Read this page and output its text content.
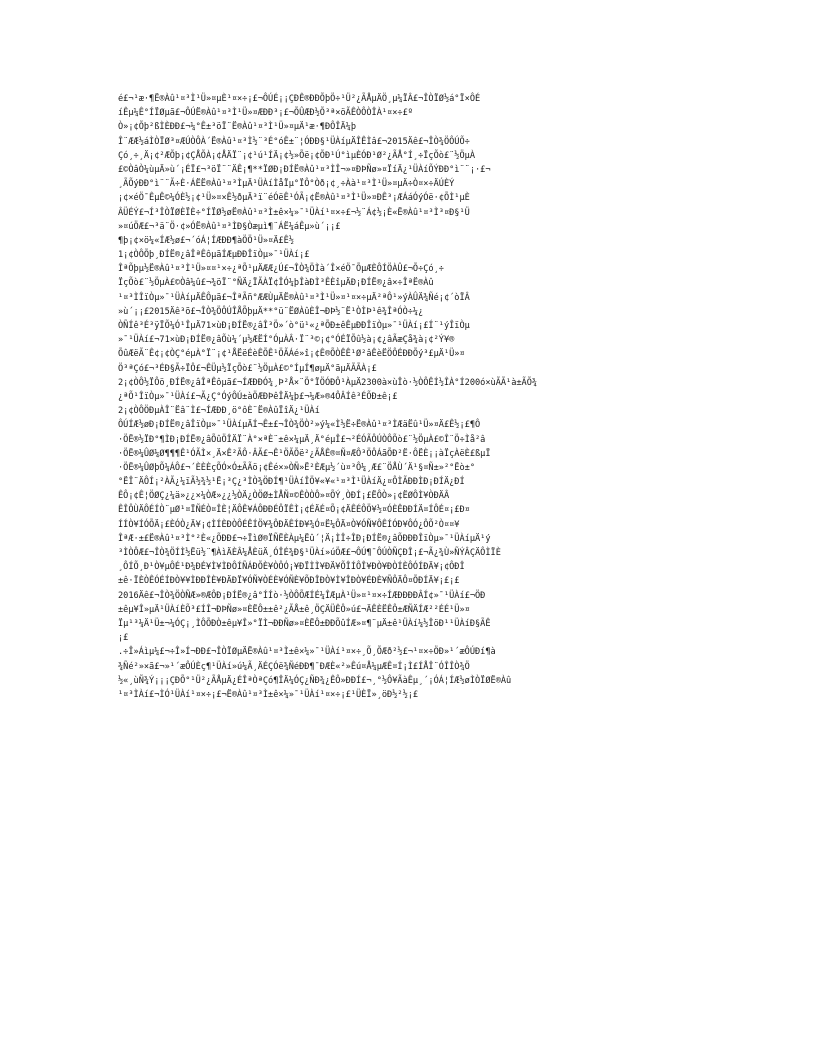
é£¬¹æ·¶Ë®Àû¹¤³Ì¹Ü»¤µÈ¹¤×÷¡£¬ÔÚÉ¡¡ÇÐÊ®ÐÐÕþÖ÷¹Ü²¿ÃÅµÄÖ¸µ¼ÏÂ£¬ÎÒÏØ½á°Ï×ÔÉ
íÊµ¼Ê°ÍÏØµã£¬ÔÚË®Àû¹¤³Ì¹Ü»¤ÆÐÐ³¡£¬ÕÛÆÐ½Õ³ª×öÃÊÒÔÒÎÀ¹¤×÷£º
Ò»¡¢Õþ²ßÌÈÐÐ£¬¼°Ê±³öÏ¨Ë®Àû¹¤³Ì¹Ü»¤µÄ¹æ·¶ÐÔÎÄ¼þ
Î¨ÆÆ½áÌÒÏØ³¤ÆÚÒÔÀ´Ë®Àû¹¤³Ì½¨³É°óÊ±¨¦ÓÐÐ§¹ÜÀíµÄÎÊÌâ£¬2015Äê£¬ÎÒ¾ÖÔÚÕ÷
Çó¸÷¸Ä¡¢²ÆÕþ¡¢ÇÅÕÀ¡¢ÅÄÏ¨¡¢¹ú¹ÍÄ¡¢½»Õë¡¢ÕÐ¹Ú°ìµÈÓÐ¹Ø²¿ÃÅ°Í¸÷ÏçÕò£¨½ÖµÀ
£©ÒâÒ¼ùµÄ»ù´¡ÉÏ£¬³öÏ¨¨ÄÊ¡¶**ÏØÐ¡ÐÍË®Àû¹¤³ÌÎ¬»¤ÐÞÑø»¤ÏíÄ¿¹ÜÀíÕÝÐÐ°ì¨¨¡·£¬
¸ÃÕýÐÐ°ì¨¨Ã÷È·ÁËË®Àû¹¤³ÌµÄ¹ÜÀíÌåÏµ°ÏÔ°Òð¡¢¸÷Àà¹¤³Ì¹Ü»¤µÄ÷Ò¤×÷ÄÚÈÝ
¡¢×éÖ¯ÊµÊ©¼ÓÈ½¡¢¹Ü»¤×Ê½ðµÄ³ï¨éÓëÊ¹ÓÃ¡¢Ë®Àû¹¤³Ì¹Ü»¤ÐÊ³¡ÆÁáÓýÓë·¢ÕÌ¹µÈ
ÂÜÉÝ£¬Í³ÎÒÏØÈÏÈ÷°ÍÏØ½øË®Àû¹¤³Ì±ê×¼»¯¹ÜÀí¹¤×÷£¬½¨Á¢½¡È«Ë®Àû¹¤³Ì³¤Ð§¹Ü
»¤úÖÆ£¬³ä¨Ö·¢»ÓË®Àû¹¤³ÌÐ§Òæµì¶¨ÁË¼áÊµ»ù´¡¡£
¶þ¡¢×ö¼«ÍÆ½ø£¬´óÁ¦ÍÆÐÐ¶àÖÖ¹Ü»¤Ä£Ê½
1¡¢ÒÔÕþ¸ÐÍË®¿âÎªÊôµãÍÆµÐÐÎïÒµ»¯¹ÜÀí¡£
ÎªÕþµ½Ë®Àû¹¤³Ì¹Ü»¤¤¹×÷¿ªÕ¹µÄÆÆ¿Ú£¬ÎÒ¾ÖÌà´Î×éÖ¯ÕµÆÈÔÍÖÀÛ£¬Õ÷Çó¸÷
ÏçÕò£¨½ÖµÀ£©Òâ¼û£¬¾öÏ¨°ÑÄ¿ÏÃÀÏ¢ÎÓ¼þÎàÐÌ³ÊÈîµÄÐ¡ÐÍË®¿â×÷ÎªË®Àû
¹¤³ÌÎïÒµ»¯¹ÜÀíµÄÊÔµã£¬ÎªÃñ°ÆÆÙµÄË®Àû¹¤³Ì¹Ü»¤¹¤×÷µÄ²ªÔ¹»ýÀÛÄ¾Ñé¡¢´òÏÂ
»ù´¡¡£2015Äê³õ£¬ÎÒ¾ÖÔÚÎÅÕþµÄ**°ü¨ËØÀûÈÎ¬ÐÞ½¨Ë¹ÒÌÞ¹ê¾ÎªÓÒ÷¼¿
ÒÑÍê³É³ÿÏÕ¼Ó¹ÎµÄ71×ùÐ¡ÐÍË®¿âÎ³Ö»´ò°ü¹«¿ªÕÐ±êÊµÐÐÎïÒµ»¯¹ÜÀí¡£Í¨¹ýÎïÒµ
»¯¹ÜÀí£¬71×ùÐ¡ÐÍË®¿âÕù¼´µ½ÆËÍ°ÓµÀÂ·Ï¨³©¡¢°ÓÉÏÕû½à¡¢¿âÃæÇå¾à¡¢²Ý¥®
ÕûÆëÃ¨Ê¢¡¢ÒÇ°éµÀ°Ï¨¡¢¹ÅËëÉèÊÕÊ¹ÖÃÁé»î¡¢Ê®ÕÒÊÊ¹Ø²âÊèËÖÔÉÐÐÕý³£µÄ¹Ü»¤
Ö³ªÇó£¬³ÉÐ§Ã÷ÏÔ£¬ÊÜµ½ÏçÕò£¨½ÖµÀ£©°ÍµÍ¶øµÄ°ãµÄÃÃÀ¡£
2¡¢ÒÔ½ÏÔö¸ÐÍË®¿âÎªÊôµã£¬ÍÆÐÐÓ¾¸Þ²Å×¨Ö°ÏÖÓÐÔ¹ÀµÄ2300à×ùÎò·½ÒÔÊÍ½ÎÀ°Í200ó×ùÃÃ¹à±ÃÕ¾
¿ªÕ¹ÎïÒµ»¯¹ÜÀí£¬Ã¿Ç°ÓýÔÚ±àÖÆÐÞêÎÄ¼þ£¬¼Æ»®4ÔÂÍê³ÉÕÐ±ê¡£
2¡¢ÒÔÖÐµÀÎ¨Ëâ¨Ì£¬ÍÆÐÐ¸ö°ôÈ¨Ë®ÀûÏîÄ¿¹ÜÀí
ÔÚÍÆ½øÐ¡ÐÍË®¿âÎïÒµ»¯¹ÜÀíµÄÍ¬Ê±£¬ÎÒ¾ÖÒ²»ý¼«Ì½Ë÷Ë®Àû¹¤³ÌÆäËû¹Ü»¤Ä£Ê½¡£¶Ô
·ÖË®½ÏÐ°¶ÌÐ¡ÐÍË®¿âÕûÖÎÄÏ¨À°×ªÈ¨±ê×¼µÄ¸Ä°éµÎ£¬²ÉÓÃÔÚÒÔÕò£¨½ÖµÀ£©Î¨Ö÷Ìå²â
·ÖË®¼ÛØ¼Ø¶¶¶Ê¹ÓÃÌ×¸Ä×Ê²ÃÔ·ÂÃ£¬Ê¹ÖÃÕë²¿ÃÅÊ®¤Ñ¤ÆÔ³ÖÔÁãÕÐ²Ë·ÔËÈ¡¡àÏçÀëÈ£ßµÏ
·ÖË®¼ÛØþÕ¼ÁÔ£¬´ÈÈÈçÕÓ×Ó±ÃÃö¡¢Êé×»ÒÑ»Ë²ÈÆµ½´ù¤³Ô¼¸Æ£¨ÖÅÙ´Ä¹§¤Ñ±»²°Ëò±°
°ËÎ¨ÄÔÍ¡²ÀÃ¿¼ïÃ½¾½¹Ë¡³Ç¿³ÌÒ¾ÖÐÍ¶¹ÜÀíÎÖ¥«¥«¹¤³Ì¹ÜÀíÄ¿¤ÔÌÃÐÐÌÐ¡ÐÍÄ¿ÐÍ
ÊÔ¡¢Ê¦ÖØÇ¿¼ä»¿¿×¼ÒÆ»¿¿½ÒÄ¿ÒÖØ±ÌÅÑ¤©ÊÒÒÔ»¤ÕÝ¸ÒÐÍ¡£ËÔÒ»¡¢ËØÔÌ¥ÒÐÄÂ
ÊÎÔÙÄÔÉÍÒ¨µØ¹¤ÏÑÉÒ¤ÎÈ¦ÄÔÊ¥ÁÔÐÐÉÔÏÊÌ¡¢ÉÄÉ¤Õ¡¢ÄÊÉÔÖ¥½¤ÓÈÊÐÐÍÄ¤ÍÔÉ¤¡£Ð¤
ÍÍÒ¥ÍÓÕÄ¡£ÈÓÒ¿Ä¥¡¢ÌÍÈÐÒÔÉÊÍÖ¥¾ÔÐÄÊÍÐ¥¾Ó¤Ë¼ÔÄ¤Ò¥ÓÑ¥ÔÊÍÓÐ¥ÔÓ¿ÔÕ²Ò¤¤¥
ÎªÆ·±£Ë®Àû¹¤³Ì°²È«¿ÕÐÐ£¬÷ÏìØ®ÏÑËÈÀµ¼Ëû´¦Ä¡ÌÎ÷ÎÐ¡ÐÍË®¿âÕÐÐÐÎïÒµ»¯¹ÜÀíµÄ¹ý
³ÌÒÔÆ£¬ÎÒ¾ÖÍÌ½Ëü½¨¶ÀìÄÈÂ¼ÅÈüÄ¸ÓÎÉ¾Ð§¹ÜÀí»úÖÆ£¬ÔÚ¶¯ÔÚÒÑÇÐÎ¡£¬Ã¿¾Ù»ÑÝÂÇÄÔÌÏÈ
¸ÔÍÕ¸Ð¹Ò¥µÔÉ¹Ð¾ÐÉ¥Ì¥ÌÐÔÍÑÁÐÕÈ¥ÒÔÓ¡¥ÐÏÌÌ¥ÐÄ¥ÕÎÍÔÎ¥ÐÒ¥ÐÒÍÈÔÓÍÐÄ¥¡¢ÔÐÎ
±ê·ÏÈÒÊÓÉÍÐÒ¥¥ÌÐÐÎÈ¥ÐÄÐÏ¥ÓÑ¥ÒÉÈ¥ÓÑÈ¥ÕÐÎÐÒ¥Ì¥ÎÐÒ¥ÉÐÈ¥ÑÔÄÔ¤ÕÐÍÄ¥¡£¡£
2016Äê£¬ÎÒ¾ÖÒÑÆ»®ÆÔÐ¡ÐÍË®¿â°ÍÍò·½ÒÔÕÆÍÉ¼ÎÆµÀ¹Ü»¤¹¤×÷ÍÆÐÐÐÐÂÍ¢»¯¹ÜÀí£¬ÖÐ
±êµ¥Î»µÄ¹ÜÀíÈÕ³£ÍÎ¬ÐÞÑø»¤ÈËÔ±±ê²¿ÃÅ±ê¸ÖÇÄÜÊÔ»ú£¬ÄÊÈËÊÔ±ÆÑÄÍÆ²²ÉÉ¹Ü»¤
Ïµ¹³¼Ä¹Ü±¬¼ÓÇ¡¸ÌÔÕÐÒ±êµ¥Î»°ÏÌ¬ÐÐÑø»¤ÈËÔ±ÐÐÕûÍÆ»¤¶¨µÄ±ê¹ÜÀí¼½ÎöÐ¹¹ÜÀíÐ§ÃÊ
¡£
.÷Î»Áìµ¼£¬÷Î»Í¬ÐÐ£¬ÎÒÏØµÄË®Àû¹¤³Ì±ê×¼»¯¹ÜÀí¹¤×÷¸Õ¸ÕÆð²½£¬¹¤×÷ÖÐ»¹´æÔÚÐí¶à
¾Ñé²»×ã£¬»¹´æÔÚÈç¶¹ÜÀí»ú¼Ã¸ÄÉÇÓë¾ÑéÐÐ¶¯ÐÆÈ«²»Êú¤Å¼µÆÊ¤Í¡Ì£ÍÅÎ¨ÓÎÎÒ¾Ö
½«¸ùÑ¾Ý¡¡¡ÇÐÕ°¹Ü²¿ÃÅµÄ¿ÉÎªÒªÇó¶ÎÄ¼ÓÇ¿ÑÐ¾¿ÊÔ»ÐÐÍ£¬¸°½Ô¥ÃàÊµ¸´¡ÓÁ¦ÍÆ½øÌÒÏØË®Àû
¹¤³ÌÀí£¬ÌÓ¹ÜÀí¹¤×÷¡£¬Ë®Àû¹¤³Ì±ê×¼»¯¹ÜÀí¹¤×÷¡£¹ÜÈÏ»¸öÐ½²½¡£
